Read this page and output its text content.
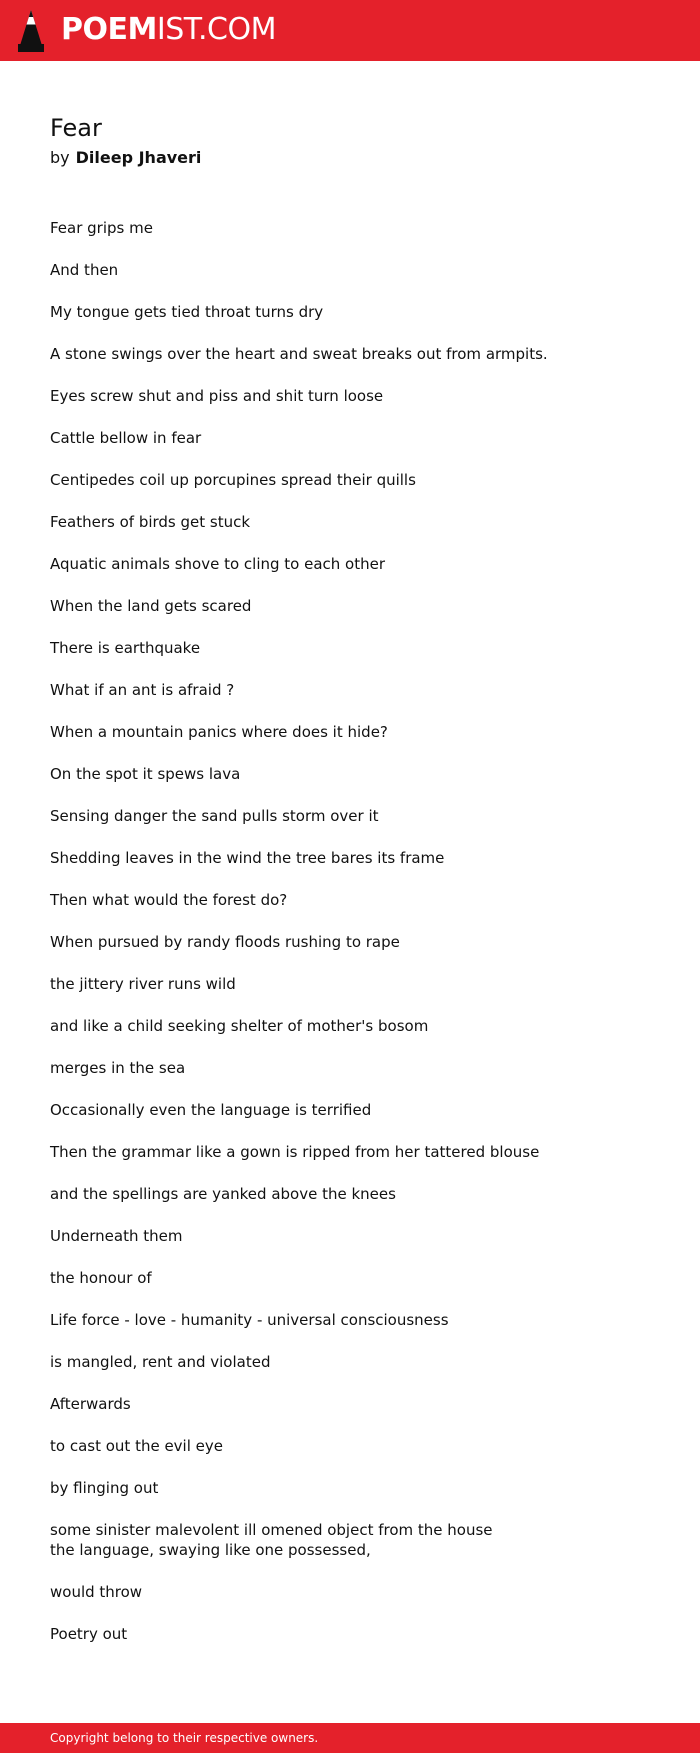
POEMIST.COM
Fear
by Dileep Jhaveri

Fear grips me

And then

My tongue gets tied throat turns dry

A stone swings over the heart and sweat breaks out from armpits.

Eyes screw shut and piss and shit turn loose

Cattle bellow in fear

Centipedes coil up porcupines spread their quills

Feathers of birds get stuck

Aquatic animals shove to cling to each other

When the land gets scared

There is earthquake

What if an ant is afraid ?

When a mountain panics where does it hide?

On the spot it spews lava

Sensing danger the sand pulls storm over it

Shedding leaves in the wind the tree bares its frame

Then what would the forest do?

When pursued by randy floods rushing to rape

the jittery river runs wild

and like a child seeking shelter of mother's bosom

merges in the sea

Occasionally even the language is terrified

Then the grammar like a gown is ripped from her tattered blouse

and the spellings are yanked above the knees

Underneath them

the honour of

Life force - love - humanity - universal consciousness

is mangled, rent and violated

Afterwards

to cast out the evil eye

by flinging out

some sinister malevolent ill omened object from the house
the language, swaying like one possessed,

would throw

Poetry out

Copyright belong to their respective owners.
